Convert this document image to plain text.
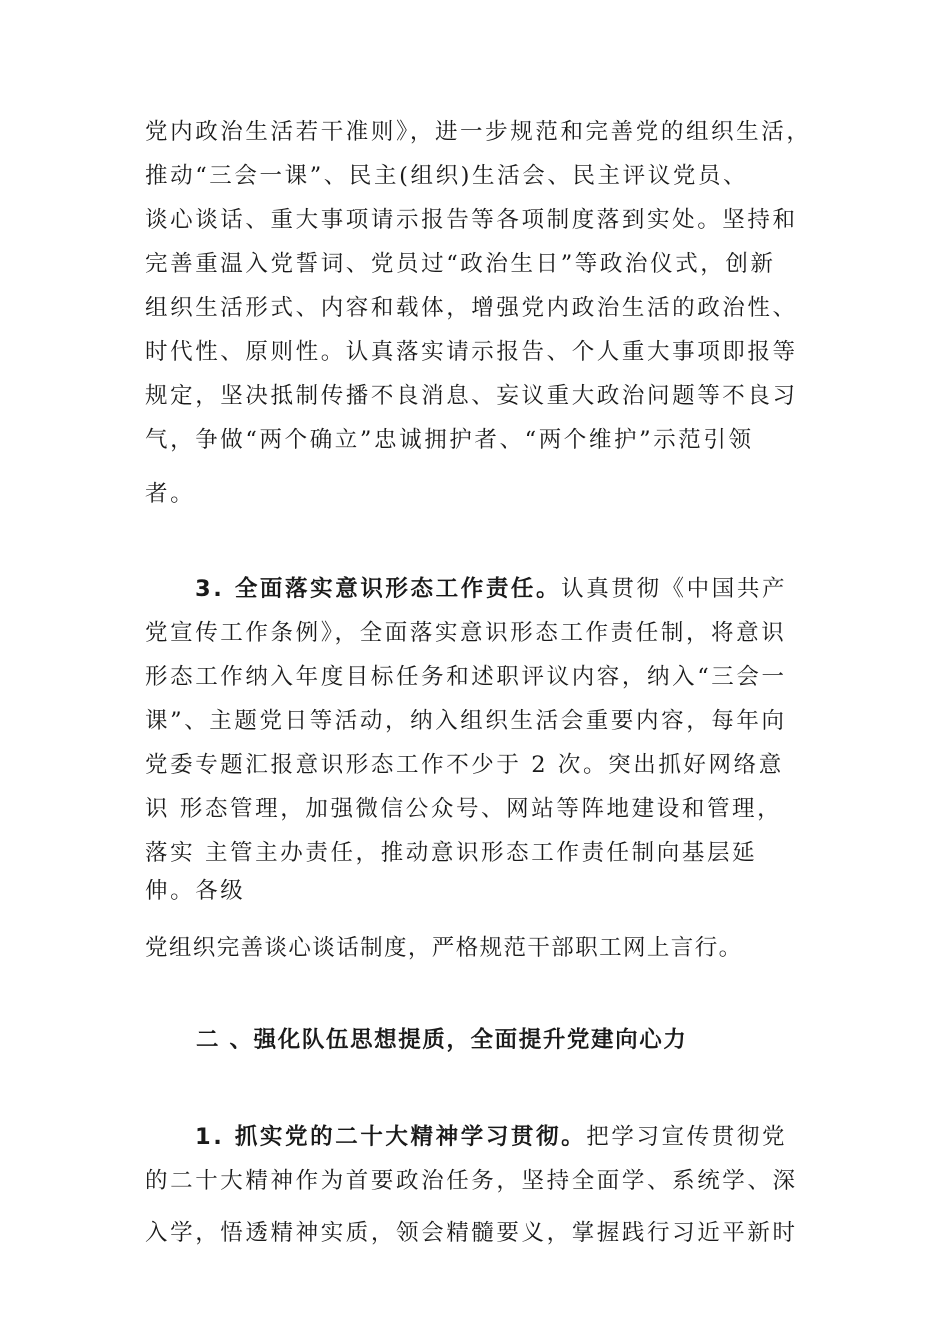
党内政治生活若干准则》，进一步规范和完善党的组织生活，
推动“三会一课”、民主(组织)生活会、民主评议党员、
谈心谈话、重大事项请示报告等各项制度落到实处。坚持和
完善重温入党誓词、党员过“政治生日”等政治仪式，创新
组织生活形式、内容和载体，增强党内政治生活的政治性、
时代性、原则性。认真落实请示报告、个人重大事项即报等
规定，坚决抵制传播不良消息、妄议重大政治问题等不良习
气，争做“两个确立”忠诚拥护者、“两个维护”示范引领
者。
3. 全面落实意识形态工作责任。认真贯彻《中国共产
党宣传工作条例》，全面落实意识形态工作责任制，将意识
形态工作纳入年度目标任务和述职评议内容，纳入“三会一
课”、主题党日等活动，纳入组织生活会重要内容，每年向
党委专题汇报意识形态工作不少于 2 次。突出抓好网络意
识 形态管理，加强微信公众号、网站等阵地建设和管理，
落实 主管主办责任，推动意识形态工作责任制向基层延
伸。各级
党组织完善谈心谈话制度，严格规范干部职工网上言行。
二 、强化队伍思想提质，全面提升党建向心力
1. 抓实党的二十大精神学习贯彻。把学习宣传贯彻党
的二十大精神作为首要政治任务，坚持全面学、系统学、深
入学，悟透精神实质，领会精髓要义，掌握践行习近平新时
